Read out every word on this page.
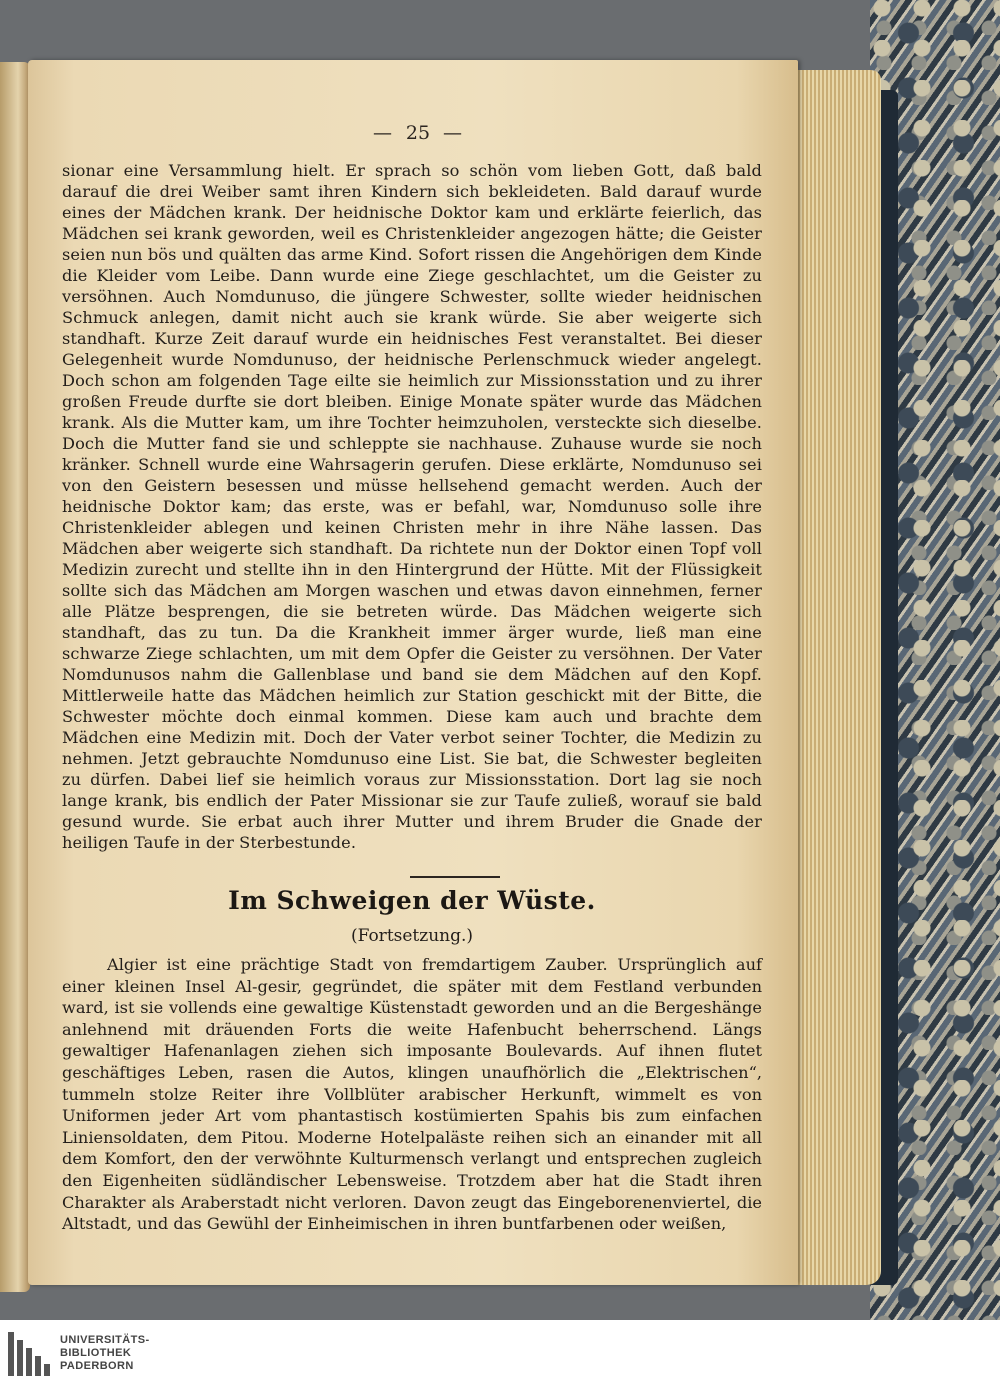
— 25 —

sionar eine Versammlung hielt. Er sprach so schön vom lieben Gott, daß bald darauf die drei Weiber samt ihren Kindern sich bekleideten. Bald darauf wurde eines der Mädchen krank. Der heidnische Doktor kam und erklärte feierlich, das Mädchen sei krank geworden, weil es Christenkleider angezogen hätte; die Geister seien nun bös und quälten das arme Kind. Sofort rissen die Angehörigen dem Kinde die Kleider vom Leibe. Dann wurde eine Ziege geschlachtet, um die Geister zu versöhnen. Auch Nomdunuso, die jüngere Schwester, sollte wieder heidnischen Schmuck anlegen, damit nicht auch sie krank würde. Sie aber weigerte sich standhaft. Kurze Zeit darauf wurde ein heidnisches Fest veranstaltet. Bei dieser Gelegenheit wurde Nomdunuso, der heidnische Perlenschmuck wieder angelegt. Doch schon am folgenden Tage eilte sie heimlich zur Missionsstation und zu ihrer großen Freude durfte sie dort bleiben. Einige Monate später wurde das Mädchen krank. Als die Mutter kam, um ihre Tochter heimzuholen, versteckte sich dieselbe. Doch die Mutter fand sie und schleppte sie nachhause. Zuhause wurde sie noch kränker. Schnell wurde eine Wahrsagerin gerufen. Diese erklärte, Nomdunuso sei von den Geistern besessen und müsse hellsehend gemacht werden. Auch der heidnische Doktor kam; das erste, was er befahl, war, Nomdunuso solle ihre Christenkleider ablegen und keinen Christen mehr in ihre Nähe lassen. Das Mädchen aber weigerte sich standhaft. Da richtete nun der Doktor einen Topf voll Medizin zurecht und stellte ihn in den Hintergrund der Hütte. Mit der Flüssigkeit sollte sich das Mädchen am Morgen waschen und etwas davon einnehmen, ferner alle Plätze besprengen, die sie betreten würde. Das Mädchen weigerte sich standhaft, das zu tun. Da die Krankheit immer ärger wurde, ließ man eine schwarze Ziege schlachten, um mit dem Opfer die Geister zu versöhnen. Der Vater Nomdunusos nahm die Gallenblase und band sie dem Mädchen auf den Kopf. Mittlerweile hatte das Mädchen heimlich zur Station geschickt mit der Bitte, die Schwester möchte doch einmal kommen. Diese kam auch und brachte dem Mädchen eine Medizin mit. Doch der Vater verbot seiner Tochter, die Medizin zu nehmen. Jetzt gebrauchte Nomdunuso eine List. Sie bat, die Schwester begleiten zu dürfen. Dabei lief sie heimlich voraus zur Missionsstation. Dort lag sie noch lange krank, bis endlich der Pater Missionar sie zur Taufe zuließ, worauf sie bald gesund wurde. Sie erbat auch ihrer Mutter und ihrem Bruder die Gnade der heiligen Taufe in der Sterbestunde.

Im Schweigen der Wüste.
(Fortsetzung.)

Algier ist eine prächtige Stadt von fremdartigem Zauber. Ursprünglich auf einer kleinen Insel Al-gesir, gegründet, die später mit dem Festland verbunden ward, ist sie vollends eine gewaltige Küstenstadt geworden und an die Bergeshänge anlehnend mit dräuenden Forts die weite Hafenbucht beherrschend. Längs gewaltiger Hafenanlagen ziehen sich imposante Boulevards. Auf ihnen flutet geschäftiges Leben, rasen die Autos, klingen unaufhörlich die „Elektrischen“, tummeln stolze Reiter ihre Vollblüter arabischer Herkunft, wimmelt es von Uniformen jeder Art vom phantastisch kostümierten Spahis bis zum einfachen Liniensoldaten, dem Pitou. Moderne Hotelpaläste reihen sich an einander mit all dem Komfort, den der verwöhnte Kulturmensch verlangt und entsprechen zugleich den Eigenheiten südländischer Lebensweise. Trotzdem aber hat die Stadt ihren Charakter als Araberstadt nicht verloren. Davon zeugt das Eingeborenenviertel, die Altstadt, und das Gewühl der Einheimischen in ihren buntfarbenen oder weißen,

UNIVERSITÄTS-
BIBLIOTHEK
PADERBORN
